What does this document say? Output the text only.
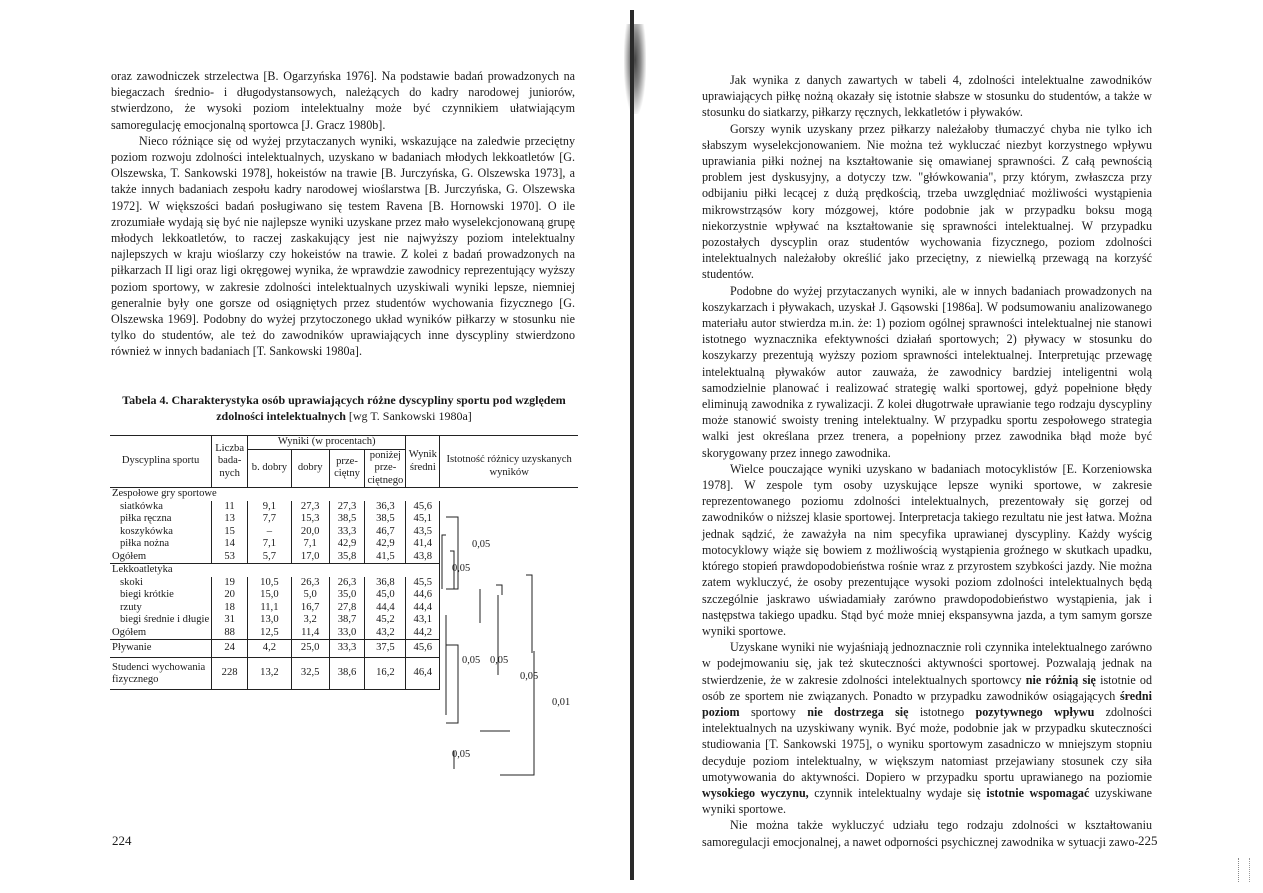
oraz zawodniczek strzelectwa [B. Ogarzyńska 1976]. Na podstawie badań prowadzonych na biegaczach średnio- i długodystansowych, należących do kadry narodowej juniorów, stwierdzono, że wysoki poziom intelektualny może być czynnikiem ułatwiającym samoregulację emocjonalną sportowca [J. Gracz 1980b].

Nieco różniące się od wyżej przytaczanych wyniki, wskazujące na zaledwie przeciętny poziom rozwoju zdolności intelektualnych, uzyskano w badaniach młodych lekkoatletów [G. Olszewska, T. Sankowski 1978], hokeistów na trawie [B. Jurczyńska, G. Olszewska 1973], a także innych badaniach zespołu kadry narodowej wioślarstwa [B. Jurczyńska, G. Olszewska 1972]. W większości badań posługiwano się testem Ravena [B. Hornowski 1970]. O ile zrozumiałe wydają się być nie najlepsze wyniki uzyskane przez mało wyselekcjonowaną grupę młodych lekkoatletów, to raczej zaskakujący jest nie najwyższy poziom intelektualny najlepszych w kraju wioślarzy czy hokeistów na trawie. Z kolei z badań prowadzonych na piłkarzach II ligi oraz ligi okręgowej wynika, że wprawdzie zawodnicy reprezentujący wyższy poziom sportowy, w zakresie zdolności intelektualnych uzyskiwali wyniki lepsze, niemniej generalnie były one gorsze od osiągniętych przez studentów wychowania fizycznego [G. Olszewska 1969]. Podobny do wyżej przytoczonego układ wyników piłkarzy w stosunku nie tylko do studentów, ale też do zawodników uprawiających inne dyscypliny stwierdzono również w innych badaniach [T. Sankowski 1980a].

Tabela 4. Charakterystyka osób uprawiających różne dyscypliny sportu pod względem zdolności intelektualnych [wg T. Sankowski 1980a]
Dyscyplina sportu	Liczba bada-nych	Wyniki (w procentach)				Wynik średni	Istotność różnicy uzyskanych wyników
		b. dobry	dobry	prze-ciętny	poniżej prze-ciętnego		
Zespołowe gry sportowe							
siatkówka	11	9,1	27,3	27,3	36,3	45,6	
piłka ręczna	13	7,7	15,3	38,5	38,5	45,1	
koszykówka	15	–	20,0	33,3	46,7	43,5	
piłka nożna	14	7,1	7,1	42,9	42,9	41,4	
Ogółem	53	5,7	17,0	35,8	41,5	43,8	
Lekkoatletyka							
skoki	19	10,5	26,3	26,3	36,8	45,5	
biegi krótkie	20	15,0	5,0	35,0	45,0	44,6	
rzuty	18	11,1	16,7	27,8	44,4	44,4	
biegi średnie i długie	31	13,0	3,2	38,7	45,2	43,1	
Ogółem	88	12,5	11,4	33,0	43,2	44,2	
Pływanie	24	4,2	25,0	33,3	37,5	45,6	
Studenci wychowania fizycznego	228	13,2	32,5	38,6	16,2	46,4	
0,05
0,05
0,05 0,05
0,05
0,05
0,01
224

Jak wynika z danych zawartych w tabeli 4, zdolności intelektualne zawodników uprawiających piłkę nożną okazały się istotnie słabsze w stosunku do studentów, a także w stosunku do siatkarzy, piłkarzy ręcznych, lekkatletów i pływaków.

Gorszy wynik uzyskany przez piłkarzy należałoby tłumaczyć chyba nie tylko ich słabszym wyselekcjonowaniem. Nie można też wykluczać niezbyt korzystnego wpływu uprawiania piłki nożnej na kształtowanie się omawianej sprawności. Z całą pewnością problem jest dyskusyjny, a dotyczy tzw. "główkowania", przy którym, zwłaszcza przy odbijaniu piłki lecącej z dużą prędkością, trzeba uwzględniać możliwości wystąpienia mikrowstrząsów kory mózgowej, które podobnie jak w przypadku boksu mogą niekorzystnie wpływać na kształtowanie się sprawności intelektualnej. W przypadku pozostałych dyscyplin oraz studentów wychowania fizycznego, poziom zdolności intelektualnych należałoby określić jako przeciętny, z niewielką przewagą na korzyść studentów.

Podobne do wyżej przytaczanych wyniki, ale w innych badaniach prowadzonych na koszykarzach i pływakach, uzyskał J. Gąsowski [1986a]. W podsumowaniu analizowanego materiału autor stwierdza m.in. że: 1) poziom ogólnej sprawności intelektualnej nie stanowi istotnego wyznacznika efektywności działań sportowych; 2) pływacy w stosunku do koszykarzy prezentują wyższy poziom sprawności intelektualnej. Interpretując przewagę intelektualną pływaków autor zauważa, że zawodnicy bardziej inteligentni wolą samodzielnie planować i realizować strategię walki sportowej, gdyż popełnione błędy eliminują zawodnika z rywalizacji. Z kolei długotrwałe uprawianie tego rodzaju dyscypliny może stanowić swoisty trening intelektualny. W przypadku sportu zespołowego strategia walki jest określana przez trenera, a popełniony przez zawodnika błąd może być skorygowany przez innego zawodnika.

Wielce pouczające wyniki uzyskano w badaniach motocyklistów [E. Korzeniowska 1978]. W zespole tym osoby uzyskujące lepsze wyniki sportowe, w zakresie reprezentowanego poziomu zdolności intelektualnych, prezentowały się gorzej od zawodników o niższej klasie sportowej. Interpretacja takiego rezultatu nie jest łatwa. Można jednak sądzić, że zaważyła na nim specyfika uprawianej dyscypliny. Każdy wyścig motocyklowy wiąże się bowiem z możliwością wystąpienia groźnego w skutkach upadku, którego stopień prawdopodobieństwa rośnie wraz z przyrostem szybkości jazdy. Nie można zatem wykluczyć, że osoby prezentujące wysoki poziom zdolności intelektualnych będą szczególnie jaskrawo uświadamiały zarówno prawdopodobieństwo wystąpienia, jak i następstwa takiego upadku. Stąd być może mniej ekspansywna jazda, a tym samym gorsze wyniki sportowe.

Uzyskane wyniki nie wyjaśniają jednoznacznie roli czynnika intelektualnego zarówno w podejmowaniu się, jak też skuteczności aktywności sportowej. Pozwalają jednak na stwierdzenie, że w zakresie zdolności intelektualnych sportowcy nie różnią się istotnie od osób ze sportem nie związanych. Ponadto w przypadku zawodników osiągających średni poziom sportowy nie dostrzega się istotnego pozytywnego wpływu zdolności intelektualnych na uzyskiwany wynik. Być może, podobnie jak w przypadku skuteczności studiowania [T. Sankowski 1975], o wyniku sportowym zasadniczo w mniejszym stopniu decyduje poziom intelektualny, w większym natomiast przejawiany stosunek czy siła umotywowania do aktywności. Dopiero w przypadku sportu uprawianego na poziomie wysokiego wyczynu, czynnik intelektualny wydaje się istotnie wspomagać uzyskiwane wyniki sportowe.

Nie można także wykluczyć udziału tego rodzaju zdolności w kształtowaniu samoregulacji emocjonalnej, a nawet odporności psychicznej zawodnika w sytuacji zawo- 225
